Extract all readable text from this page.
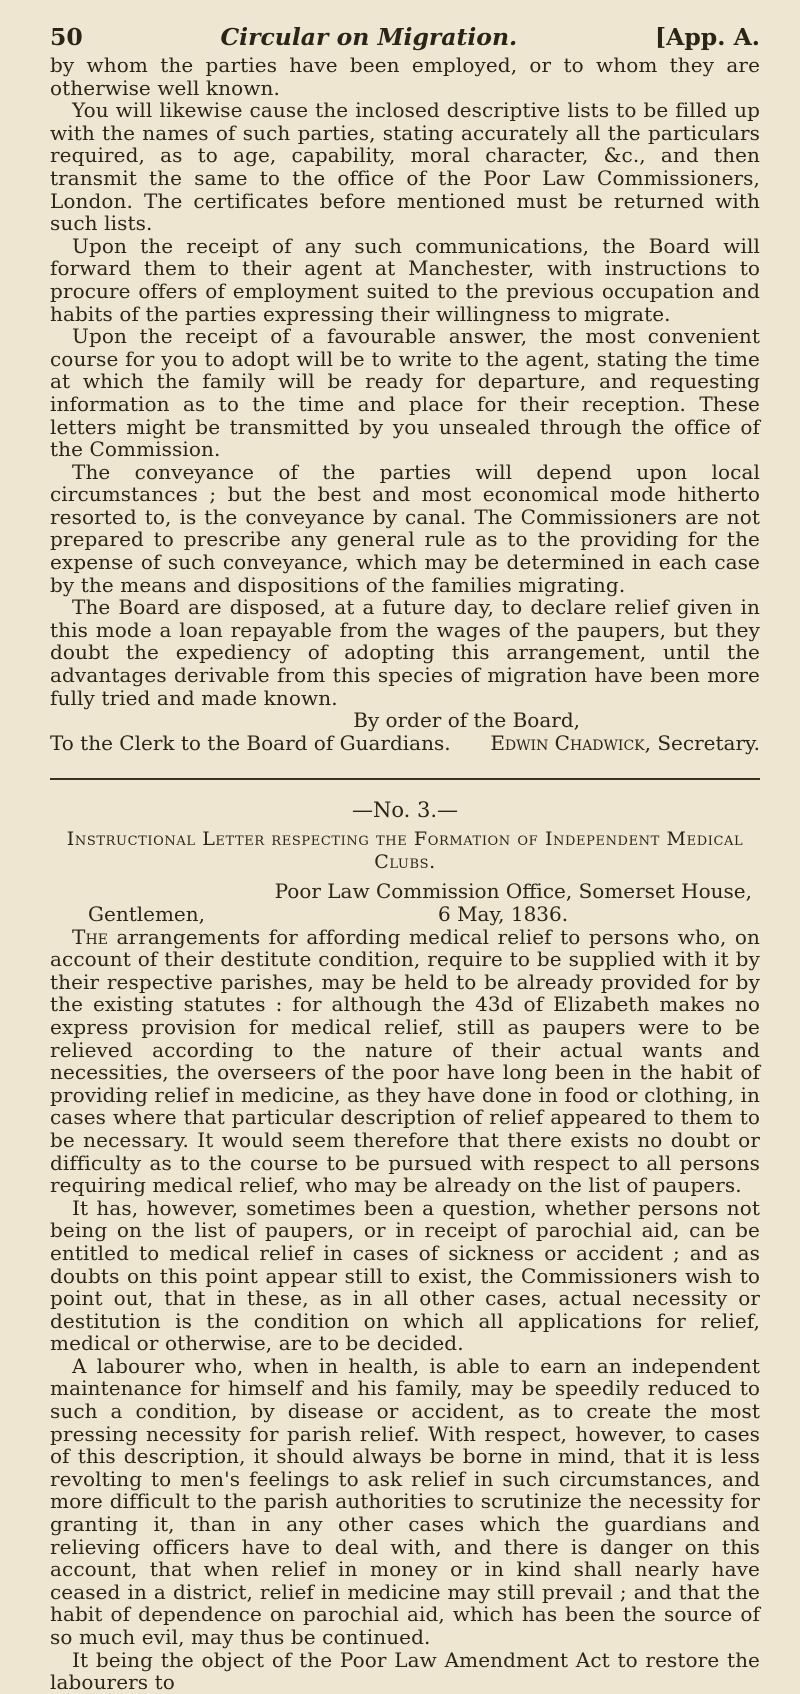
50	Circular on Migration.	[App. A.

by whom the parties have been employed, or to whom they are otherwise well known.

You will likewise cause the inclosed descriptive lists to be filled up with the names of such parties, stating accurately all the particulars required, as to age, capability, moral character, &c., and then transmit the same to the office of the Poor Law Commissioners, London. The certificates before mentioned must be returned with such lists.

Upon the receipt of any such communications, the Board will forward them to their agent at Manchester, with instructions to procure offers of employment suited to the previous occupation and habits of the parties expressing their willingness to migrate.

Upon the receipt of a favourable answer, the most convenient course for you to adopt will be to write to the agent, stating the time at which the family will be ready for departure, and requesting information as to the time and place for their reception. These letters might be transmitted by you unsealed through the office of the Commission.

The conveyance of the parties will depend upon local circumstances ; but the best and most economical mode hitherto resorted to, is the conveyance by canal. The Commissioners are not prepared to prescribe any general rule as to the providing for the expense of such conveyance, which may be determined in each case by the means and dispositions of the families migrating.

The Board are disposed, at a future day, to declare relief given in this mode a loan repayable from the wages of the paupers, but they doubt the expediency of adopting this arrangement, until the advantages derivable from this species of migration have been more fully tried and made known.

By order of the Board,

To the Clerk to the Board of Guardians. Edwin Chadwick, Secretary.

—No. 3.—

Instructional Letter respecting the Formation of Independent Medical Clubs.

Poor Law Commission Office, Somerset House,

Gentlemen,	6 May, 1836.

The arrangements for affording medical relief to persons who, on account of their destitute condition, require to be supplied with it by their respective parishes, may be held to be already provided for by the existing statutes : for although the 43d of Elizabeth makes no express provision for medical relief, still as paupers were to be relieved according to the nature of their actual wants and necessities, the overseers of the poor have long been in the habit of providing relief in medicine, as they have done in food or clothing, in cases where that particular description of relief appeared to them to be necessary. It would seem therefore that there exists no doubt or difficulty as to the course to be pursued with respect to all persons requiring medical relief, who may be already on the list of paupers.

It has, however, sometimes been a question, whether persons not being on the list of paupers, or in receipt of parochial aid, can be entitled to medical relief in cases of sickness or accident ; and as doubts on this point appear still to exist, the Commissioners wish to point out, that in these, as in all other cases, actual necessity or destitution is the condition on which all applications for relief, medical or otherwise, are to be decided.

A labourer who, when in health, is able to earn an independent maintenance for himself and his family, may be speedily reduced to such a condition, by disease or accident, as to create the most pressing necessity for parish relief. With respect, however, to cases of this description, it should always be borne in mind, that it is less revolting to men's feelings to ask relief in such circumstances, and more difficult to the parish authorities to scrutinize the necessity for granting it, than in any other cases which the guardians and relieving officers have to deal with, and there is danger on this account, that when relief in money or in kind shall nearly have ceased in a district, relief in medicine may still prevail ; and that the habit of dependence on parochial aid, which has been the source of so much evil, may thus be continued.

It being the object of the Poor Law Amendment Act to restore the labourers to
